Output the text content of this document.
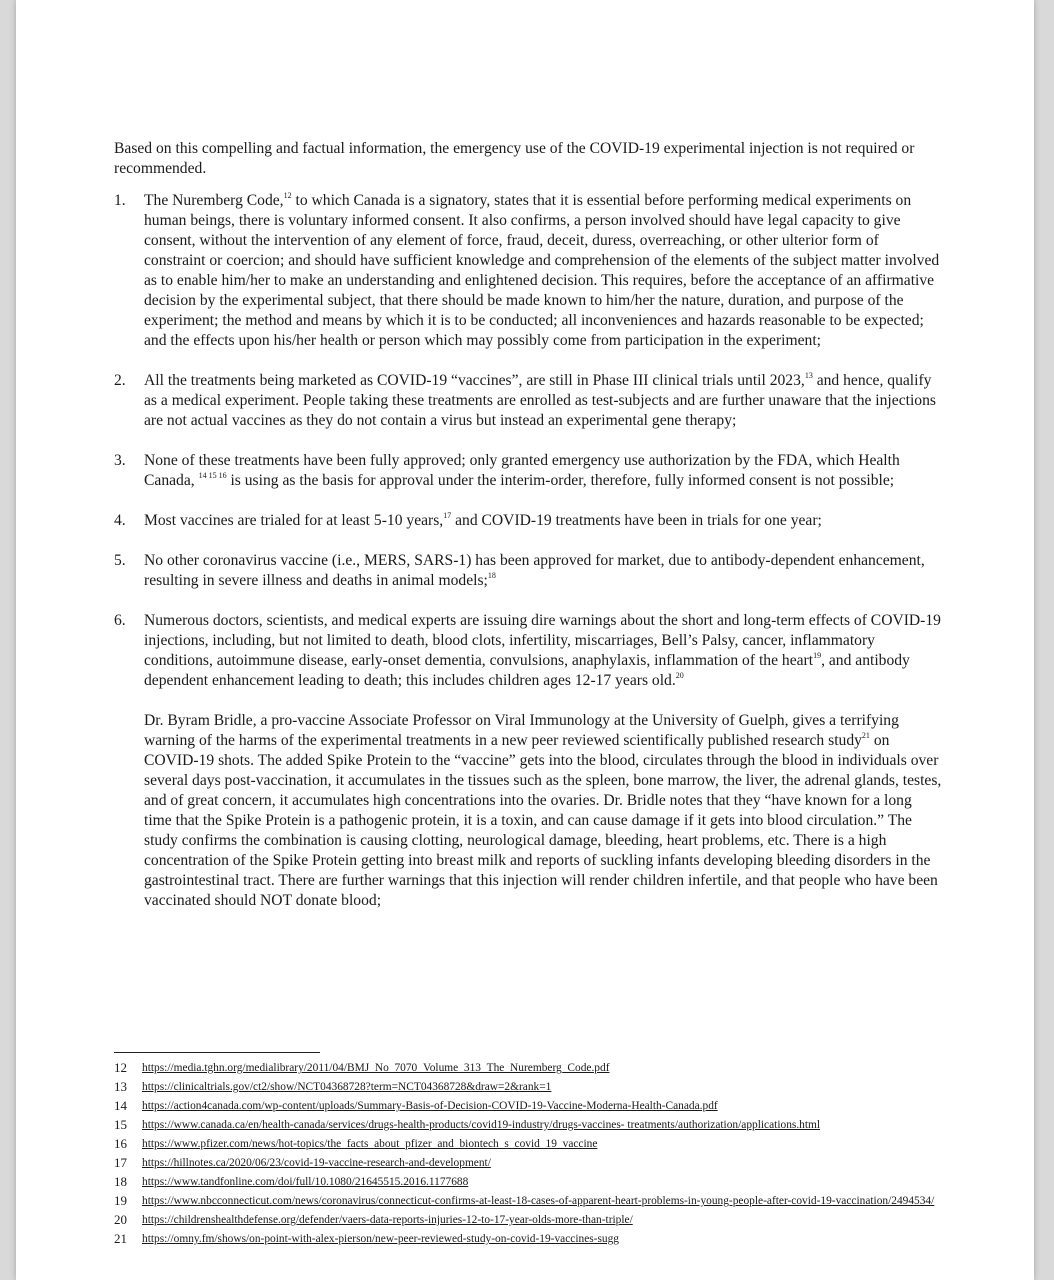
Based on this compelling and factual information, the emergency use of the COVID-19 experimental injection is not required or recommended.

1. The Nuremberg Code,$^{12}$ to which Canada is a signatory, states that it is essential before performing medical experiments on human beings, there is voluntary informed consent. It also confirms, a person involved should have legal capacity to give consent, without the intervention of any element of force, fraud, deceit, duress, overreaching, or other ulterior form of constraint or coercion; and should have sufficient knowledge and comprehension of the elements of the subject matter involved as to enable him/her to make an understanding and enlightened decision. This requires, before the acceptance of an affirmative decision by the experimental subject, that there should be made known to him/her the nature, duration, and purpose of the experiment; the method and means by which it is to be conducted; all inconveniences and hazards reasonable to be expected; and the effects upon his/her health or person which may possibly come from participation in the experiment;
2. All the treatments being marketed as COVID-19 “vaccines”, are still in Phase III clinical trials until 2023,13 and hence, qualify as a medical experiment. People taking these treatments are enrolled as test-subjects and are further unaware that the injections are not actual vaccines as they do not contain a virus but instead an experimental gene therapy;
3. None of these treatments have been fully approved; only granted emergency use authorization by the FDA, which Health Canada, $^{14 15 16}$ is using as the basis for approval under the interim-order, therefore, fully informed consent is not possible;
4. Most vaccines are trialed for at least 5-10 years,$^{17}$ and COVID-19 treatments have been in trials for one year;
5. No other coronavirus vaccine (i.e., MERS, SARS-1) has been approved for market, due to antibody-dependent enhancement, resulting in severe illness and deaths in animal models;$^{18}$
6. Numerous doctors, scientists, and medical experts are issuing dire warnings about the short and long-term effects of COVID-19 injections, including, but not limited to death, blood clots, infertility, miscarriages, Bell’s Palsy, cancer, inflammatory conditions, autoimmune disease, early-onset dementia, convulsions, anaphylaxis, inflammation of the heart$^{19}$, and antibody dependent enhancement leading to death; this includes children ages 12-17 years old.$^{20}$

Dr. Byram Bridle, a pro-vaccine Associate Professor on Viral Immunology at the University of Guelph, gives a terrifying warning of the harms of the experimental treatments in a new peer reviewed scientifically published research study$^{21}$ on COVID-19 shots. The added Spike Protein to the “vaccine” gets into the blood, circulates through the blood in individuals over several days post-vaccination, it accumulates in the tissues such as the spleen, bone marrow, the liver, the adrenal glands, testes, and of great concern, it accumulates high concentrations into the ovaries. Dr. Bridle notes that they “have known for a long time that the Spike Protein is a pathogenic protein, it is a toxin, and can cause damage if it gets into blood circulation.” The study confirms the combination is causing clotting, neurological damage, bleeding, heart problems, etc. There is a high concentration of the Spike Protein getting into breast milk and reports of suckling infants developing bleeding disorders in the gastrointestinal tract. There are further warnings that this injection will render children infertile, and that people who have been vaccinated should NOT donate blood;

12 https://media.tghn.org/medialibrary/2011/04/BMJ_No_7070_Volume_313_The_Nuremberg_Code.pdf
13 https://clinicaltrials.gov/ct2/show/NCT04368728?term=NCT04368728&draw=2&rank=1
14 https://action4canada.com/wp-content/uploads/Summary-Basis-of-Decision-COVID-19-Vaccine-Moderna-Health-Canada.pdf
15 https://www.canada.ca/en/health-canada/services/drugs-health-products/covid19-industry/drugs-vaccines- treatments/authorization/applications.html
16 https://www.pfizer.com/news/hot-topics/the_facts_about_pfizer_and_biontech_s_covid_19_vaccine
17 https://hillnotes.ca/2020/06/23/covid-19-vaccine-research-and-development/
18 https://www.tandfonline.com/doi/full/10.1080/21645515.2016.1177688
19 https://www.nbcconnecticut.com/news/coronavirus/connecticut-confirms-at-least-18-cases-of-apparent-heart-problems-in-young-people-after-covid-19-vaccination/2494534/
20 https://childrenshealthdefense.org/defender/vaers-data-reports-injuries-12-to-17-year-olds-more-than-triple/
21 https://omny.fm/shows/on-point-with-alex-pierson/new-peer-reviewed-study-on-covid-19-vaccines-sugg
